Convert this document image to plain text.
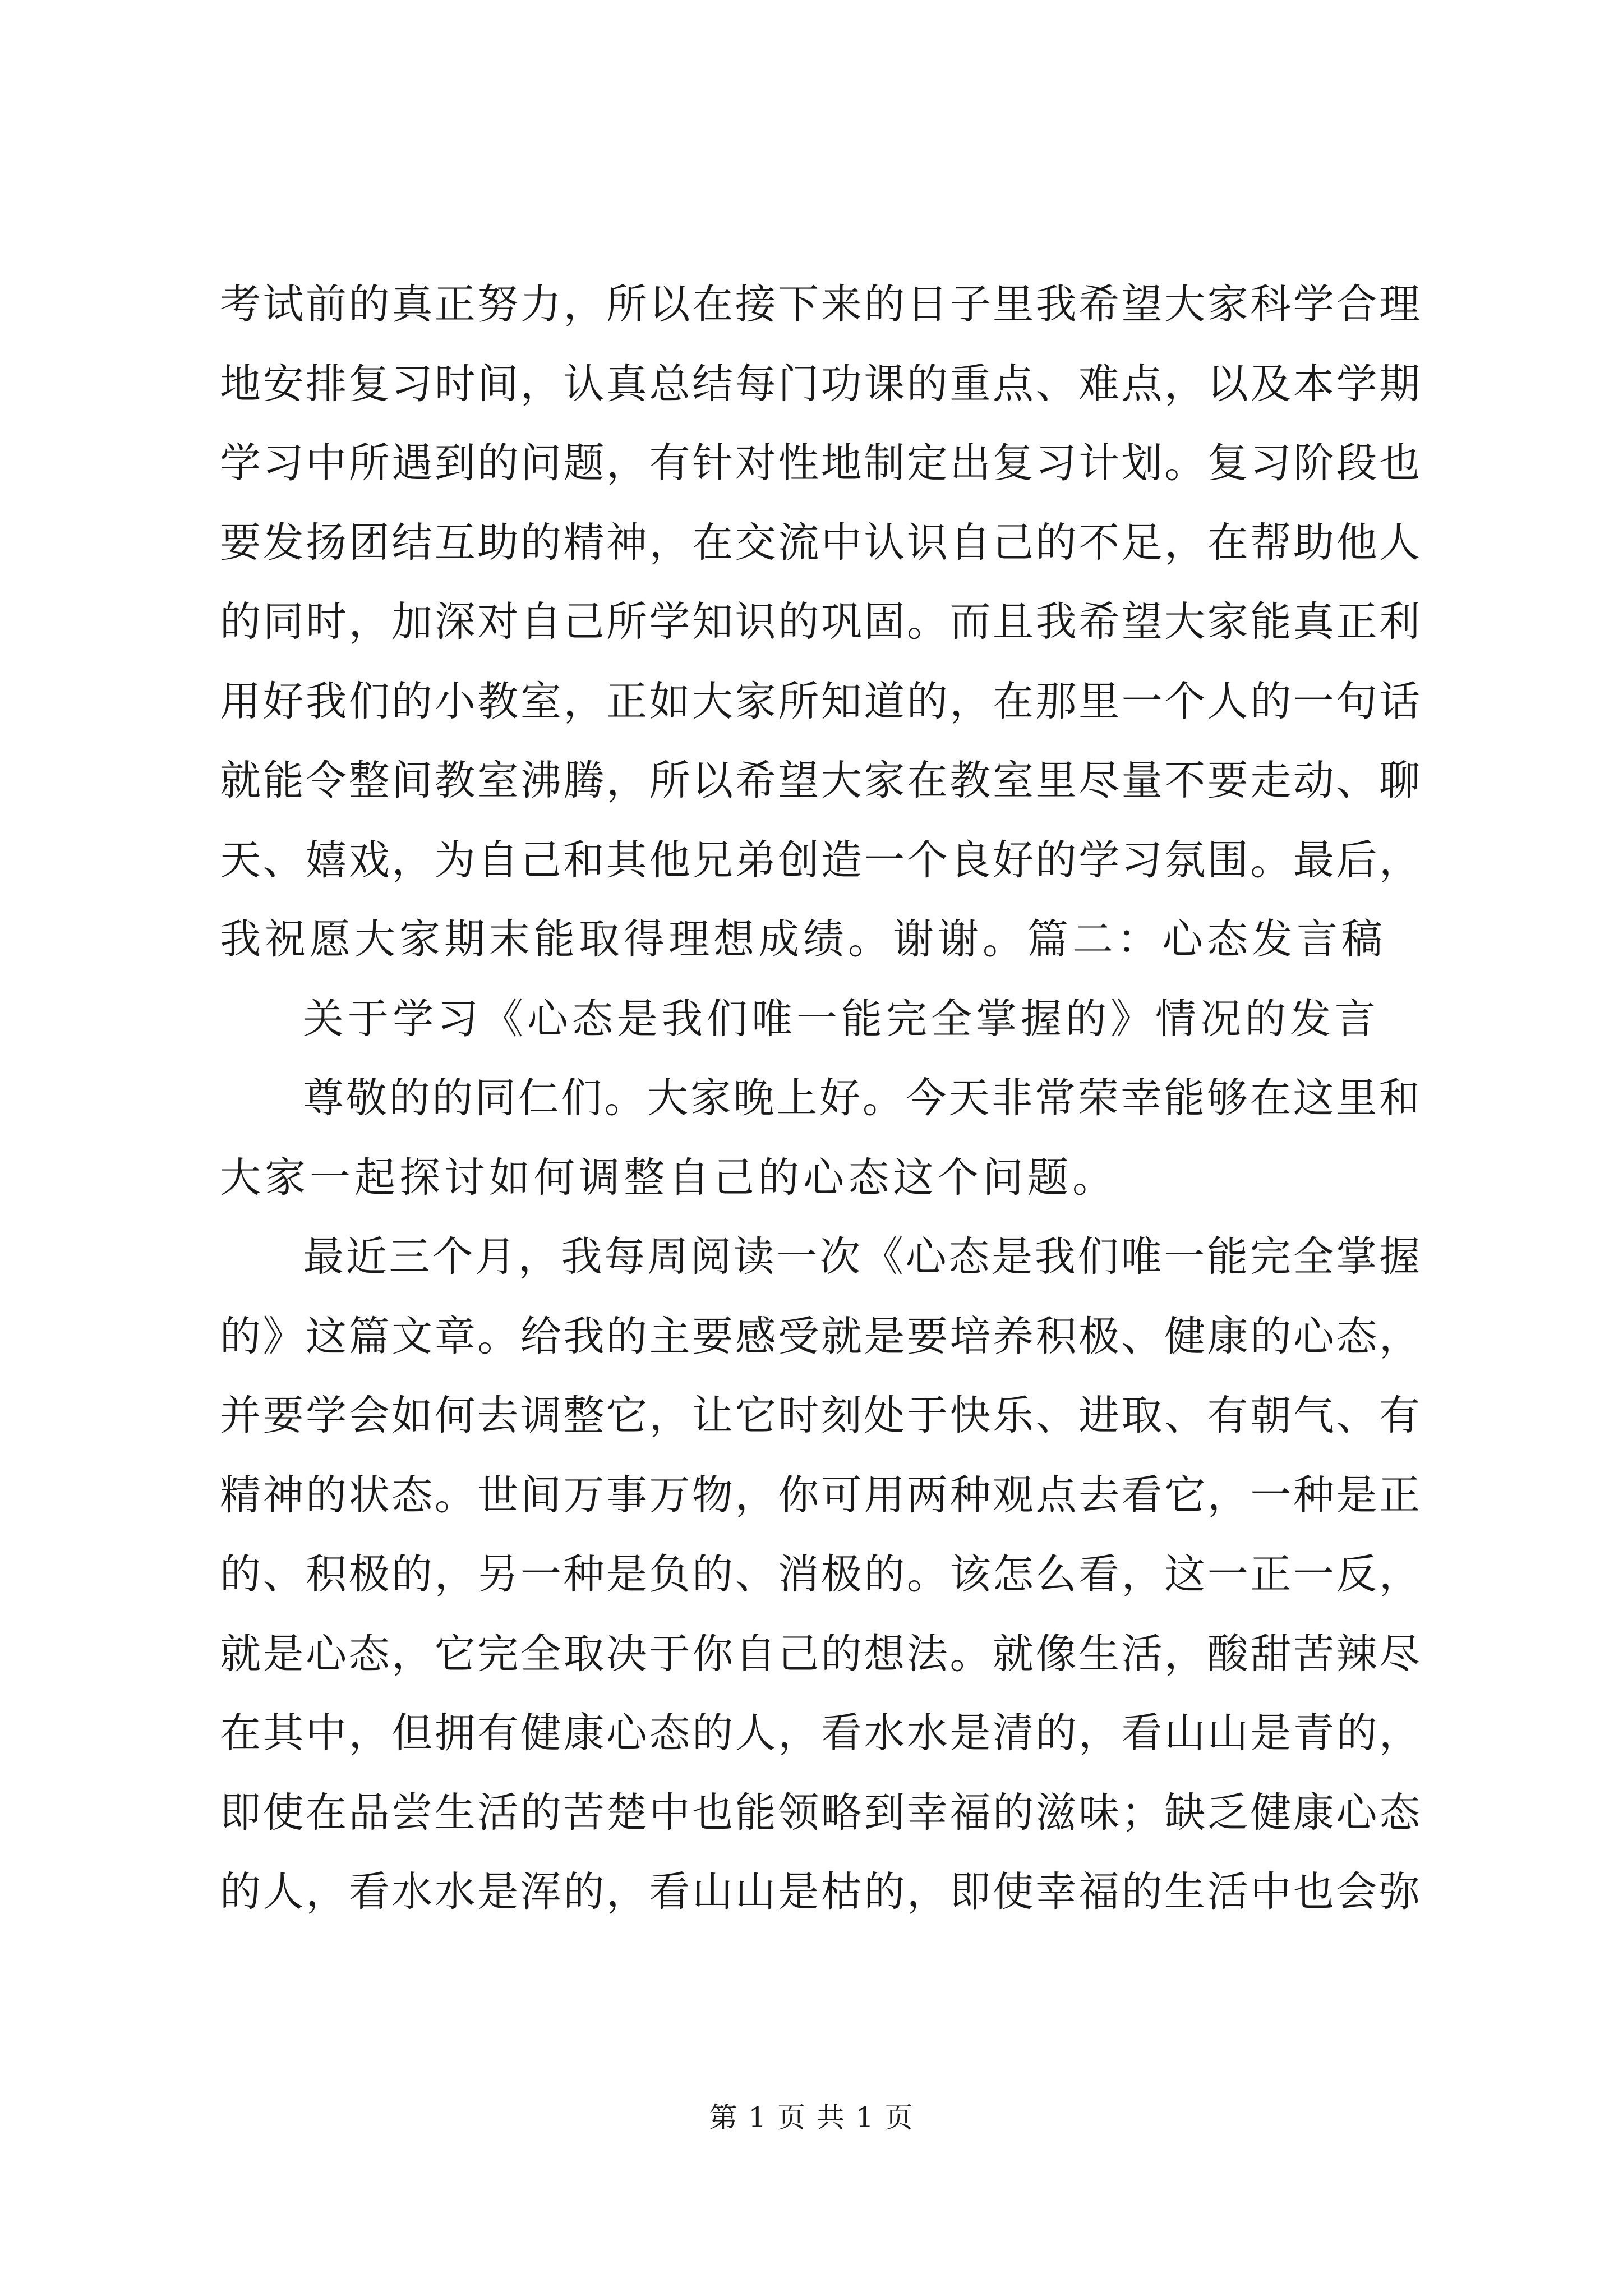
考试前的真正努力，所以在接下来的日子里我希望大家科学合理
地安排复习时间，认真总结每门功课的重点、难点，以及本学期
学习中所遇到的问题，有针对性地制定出复习计划。复习阶段也
要发扬团结互助的精神，在交流中认识自己的不足，在帮助他人
的同时，加深对自己所学知识的巩固。而且我希望大家能真正利
用好我们的小教室，正如大家所知道的，在那里一个人的一句话
就能令整间教室沸腾，所以希望大家在教室里尽量不要走动、聊
天、嬉戏，为自己和其他兄弟创造一个良好的学习氛围。最后，
我祝愿大家期末能取得理想成绩。谢谢。篇二：心态发言稿
关于学习《心态是我们唯一能完全掌握的》情况的发言
尊敬的的同仁们。大家晚上好。今天非常荣幸能够在这里和
大家一起探讨如何调整自己的心态这个问题。
最近三个月，我每周阅读一次《心态是我们唯一能完全掌握
的》这篇文章。给我的主要感受就是要培养积极、健康的心态，
并要学会如何去调整它，让它时刻处于快乐、进取、有朝气、有
精神的状态。世间万事万物，你可用两种观点去看它，一种是正
的、积极的，另一种是负的、消极的。该怎么看，这一正一反，
就是心态，它完全取决于你自己的想法。就像生活，酸甜苦辣尽
在其中，但拥有健康心态的人，看水水是清的，看山山是青的，
即使在品尝生活的苦楚中也能领略到幸福的滋味；缺乏健康心态
的人，看水水是浑的，看山山是枯的，即使幸福的生活中也会弥
第 1 页 共 1 页
